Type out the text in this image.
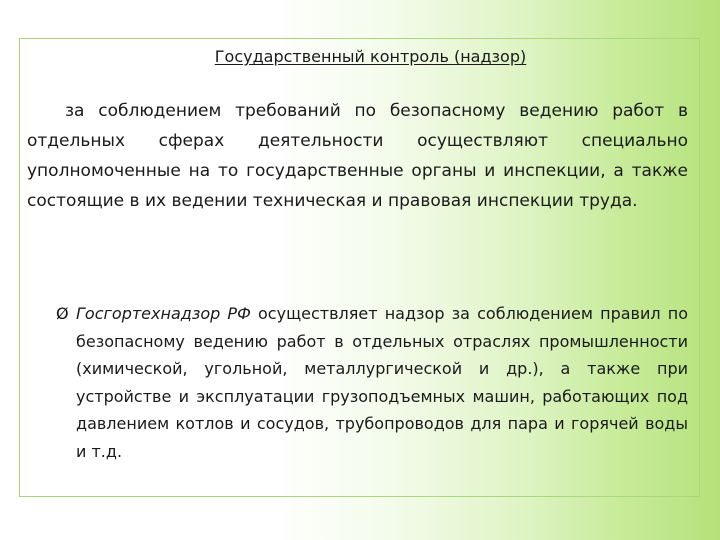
Государственный контроль (надзор)

за соблюдением требований по безопасному ведению работ в отдельных сферах деятельности осуществляют специально уполномоченные на то государственные органы и инспекции, а также состоящие в их ведении техническая и правовая инспекции труда.

Ø Госгортехнадзор РФ осуществляет надзор за соблюдением правил по безопасному ведению работ в отдельных отраслях промышленности (химической, угольной, металлургической и др.), а также при устройстве и эксплуатации грузоподъемных машин, работающих под давлением котлов и сосудов, трубопроводов для пара и горячей воды и т.д.
